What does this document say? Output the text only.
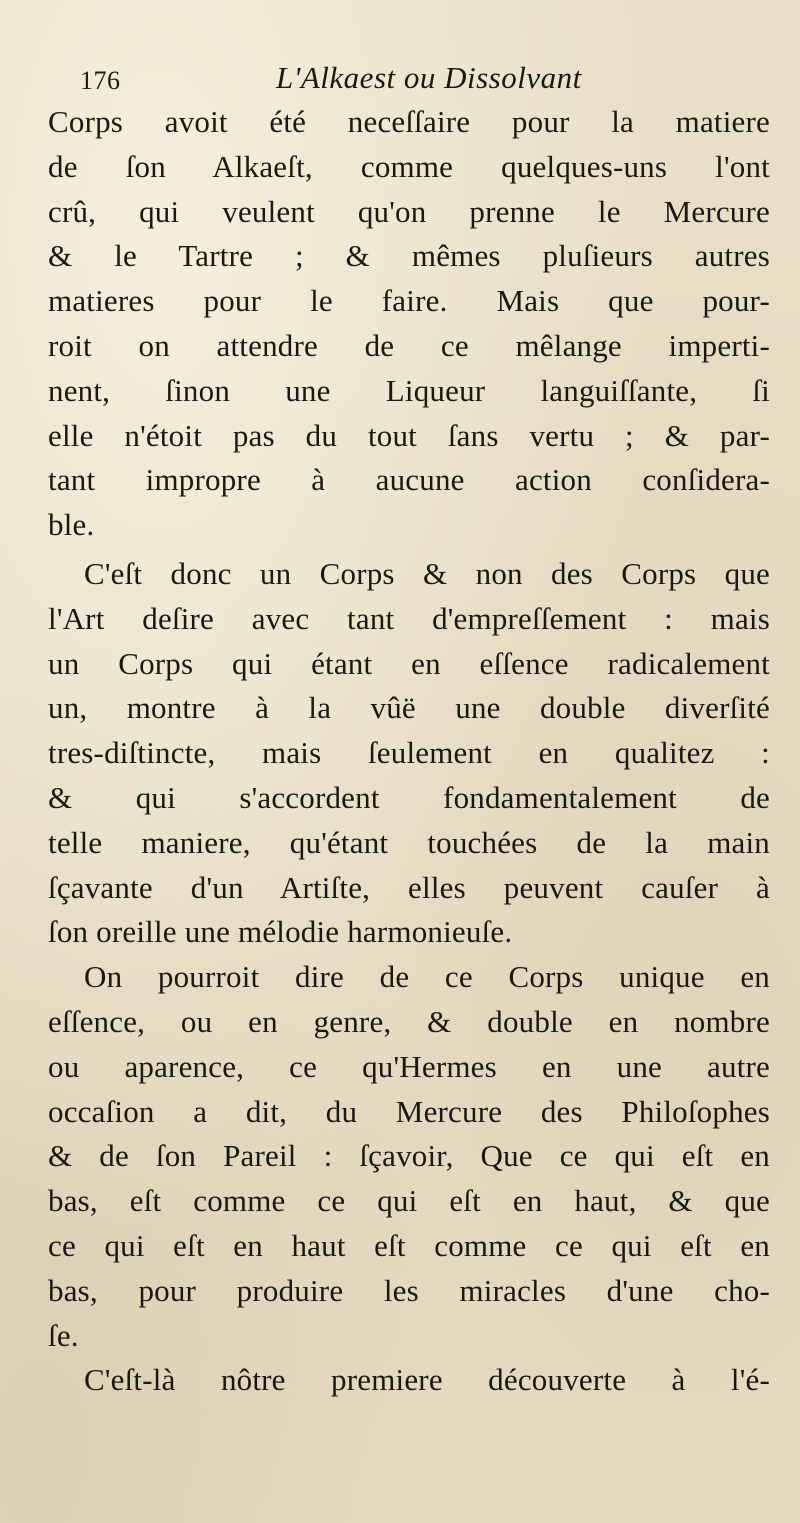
176	L'Alkaest ou Dissolvant
Corps avoit été neceſſaire pour la matiere
de ſon Alkaeſt, comme quelques-uns l'ont
crû, qui veulent qu'on prenne le Mercure
& le Tartre ; & mêmes pluſieurs autres
matieres pour le faire. Mais que pour-
roit on attendre de ce mêlange imperti-
nent, ſinon une Liqueur languiſſante, ſi
elle n'étoit pas du tout ſans vertu ; & par-
tant impropre à aucune action conſidera-
ble.
C'eſt donc un Corps & non des Corps que
l'Art deſire avec tant d'empreſſement : mais
un Corps qui étant en eſſence radicalement
un, montre à la vûë une double diverſité
tres-diſtincte, mais ſeulement en qualitez :
& qui s'accordent fondamentalement de
telle maniere, qu'étant touchées de la main
ſçavante d'un Artiſte, elles peuvent cauſer à
ſon oreille une mélodie harmonieuſe.
On pourroit dire de ce Corps unique en
eſſence, ou en genre, & double en nombre
ou aparence, ce qu'Hermes en une autre
occaſion a dit, du Mercure des Philoſophes
& de ſon Pareil : ſçavoir, Que ce qui eſt en
bas, eſt comme ce qui eſt en haut, & que
ce qui eſt en haut eſt comme ce qui eſt en
bas, pour produire les miracles d'une cho-
ſe.
C'eſt-là nôtre premiere découverte à l'é-
